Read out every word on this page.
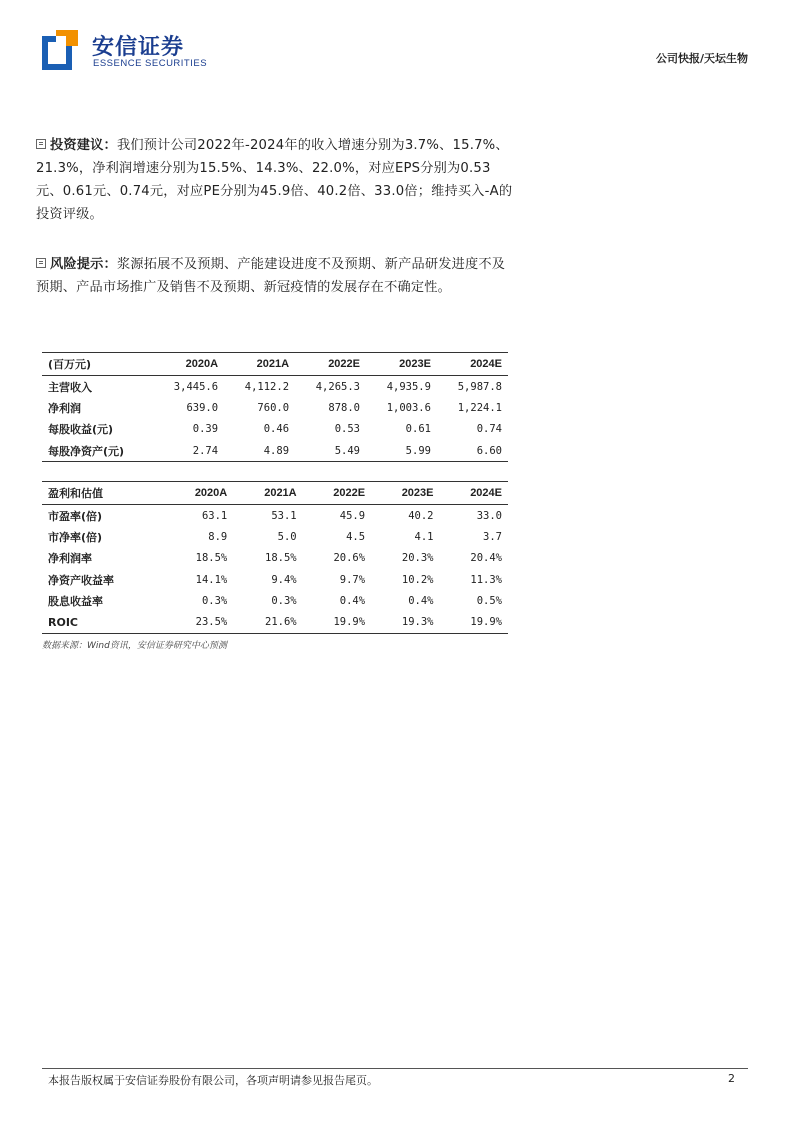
安信证券
ESSENCE SECURITIES	公司快报/天坛生物
投资建议：我们预计公司2022年-2024年的收入增速分别为3.7%、15.7%、21.3%，净利润增速分别为15.5%、14.3%、22.0%，对应EPS分别为0.53元、0.61元、0.74元，对应PE分别为45.9倍、40.2倍、33.0倍；维持买入-A的投资评级。
风险提示：浆源拓展不及预期、产能建设进度不及预期、新产品研发进度不及预期、产品市场推广及销售不及预期、新冠疫情的发展存在不确定性。
(百万元)	2020A	2021A	2022E	2023E	2024E
主营收入	3,445.6	4,112.2	4,265.3	4,935.9	5,987.8
净利润	639.0	760.0	878.0	1,003.6	1,224.1
每股收益(元)	0.39	0.46	0.53	0.61	0.74
每股净资产(元)	2.74	4.89	5.49	5.99	6.60
盈利和估值	2020A	2021A	2022E	2023E	2024E
市盈率(倍)	63.1	53.1	45.9	40.2	33.0
市净率(倍)	8.9	5.0	4.5	4.1	3.7
净利润率	18.5%	18.5%	20.6%	20.3%	20.4%
净资产收益率	14.1%	9.4%	9.7%	10.2%	11.3%
股息收益率	0.3%	0.3%	0.4%	0.4%	0.5%
ROIC	23.5%	21.6%	19.9%	19.3%	19.9%
数据来源：Wind资讯，安信证券研究中心预测
本报告版权属于安信证券股份有限公司，各项声明请参见报告尾页。	2
